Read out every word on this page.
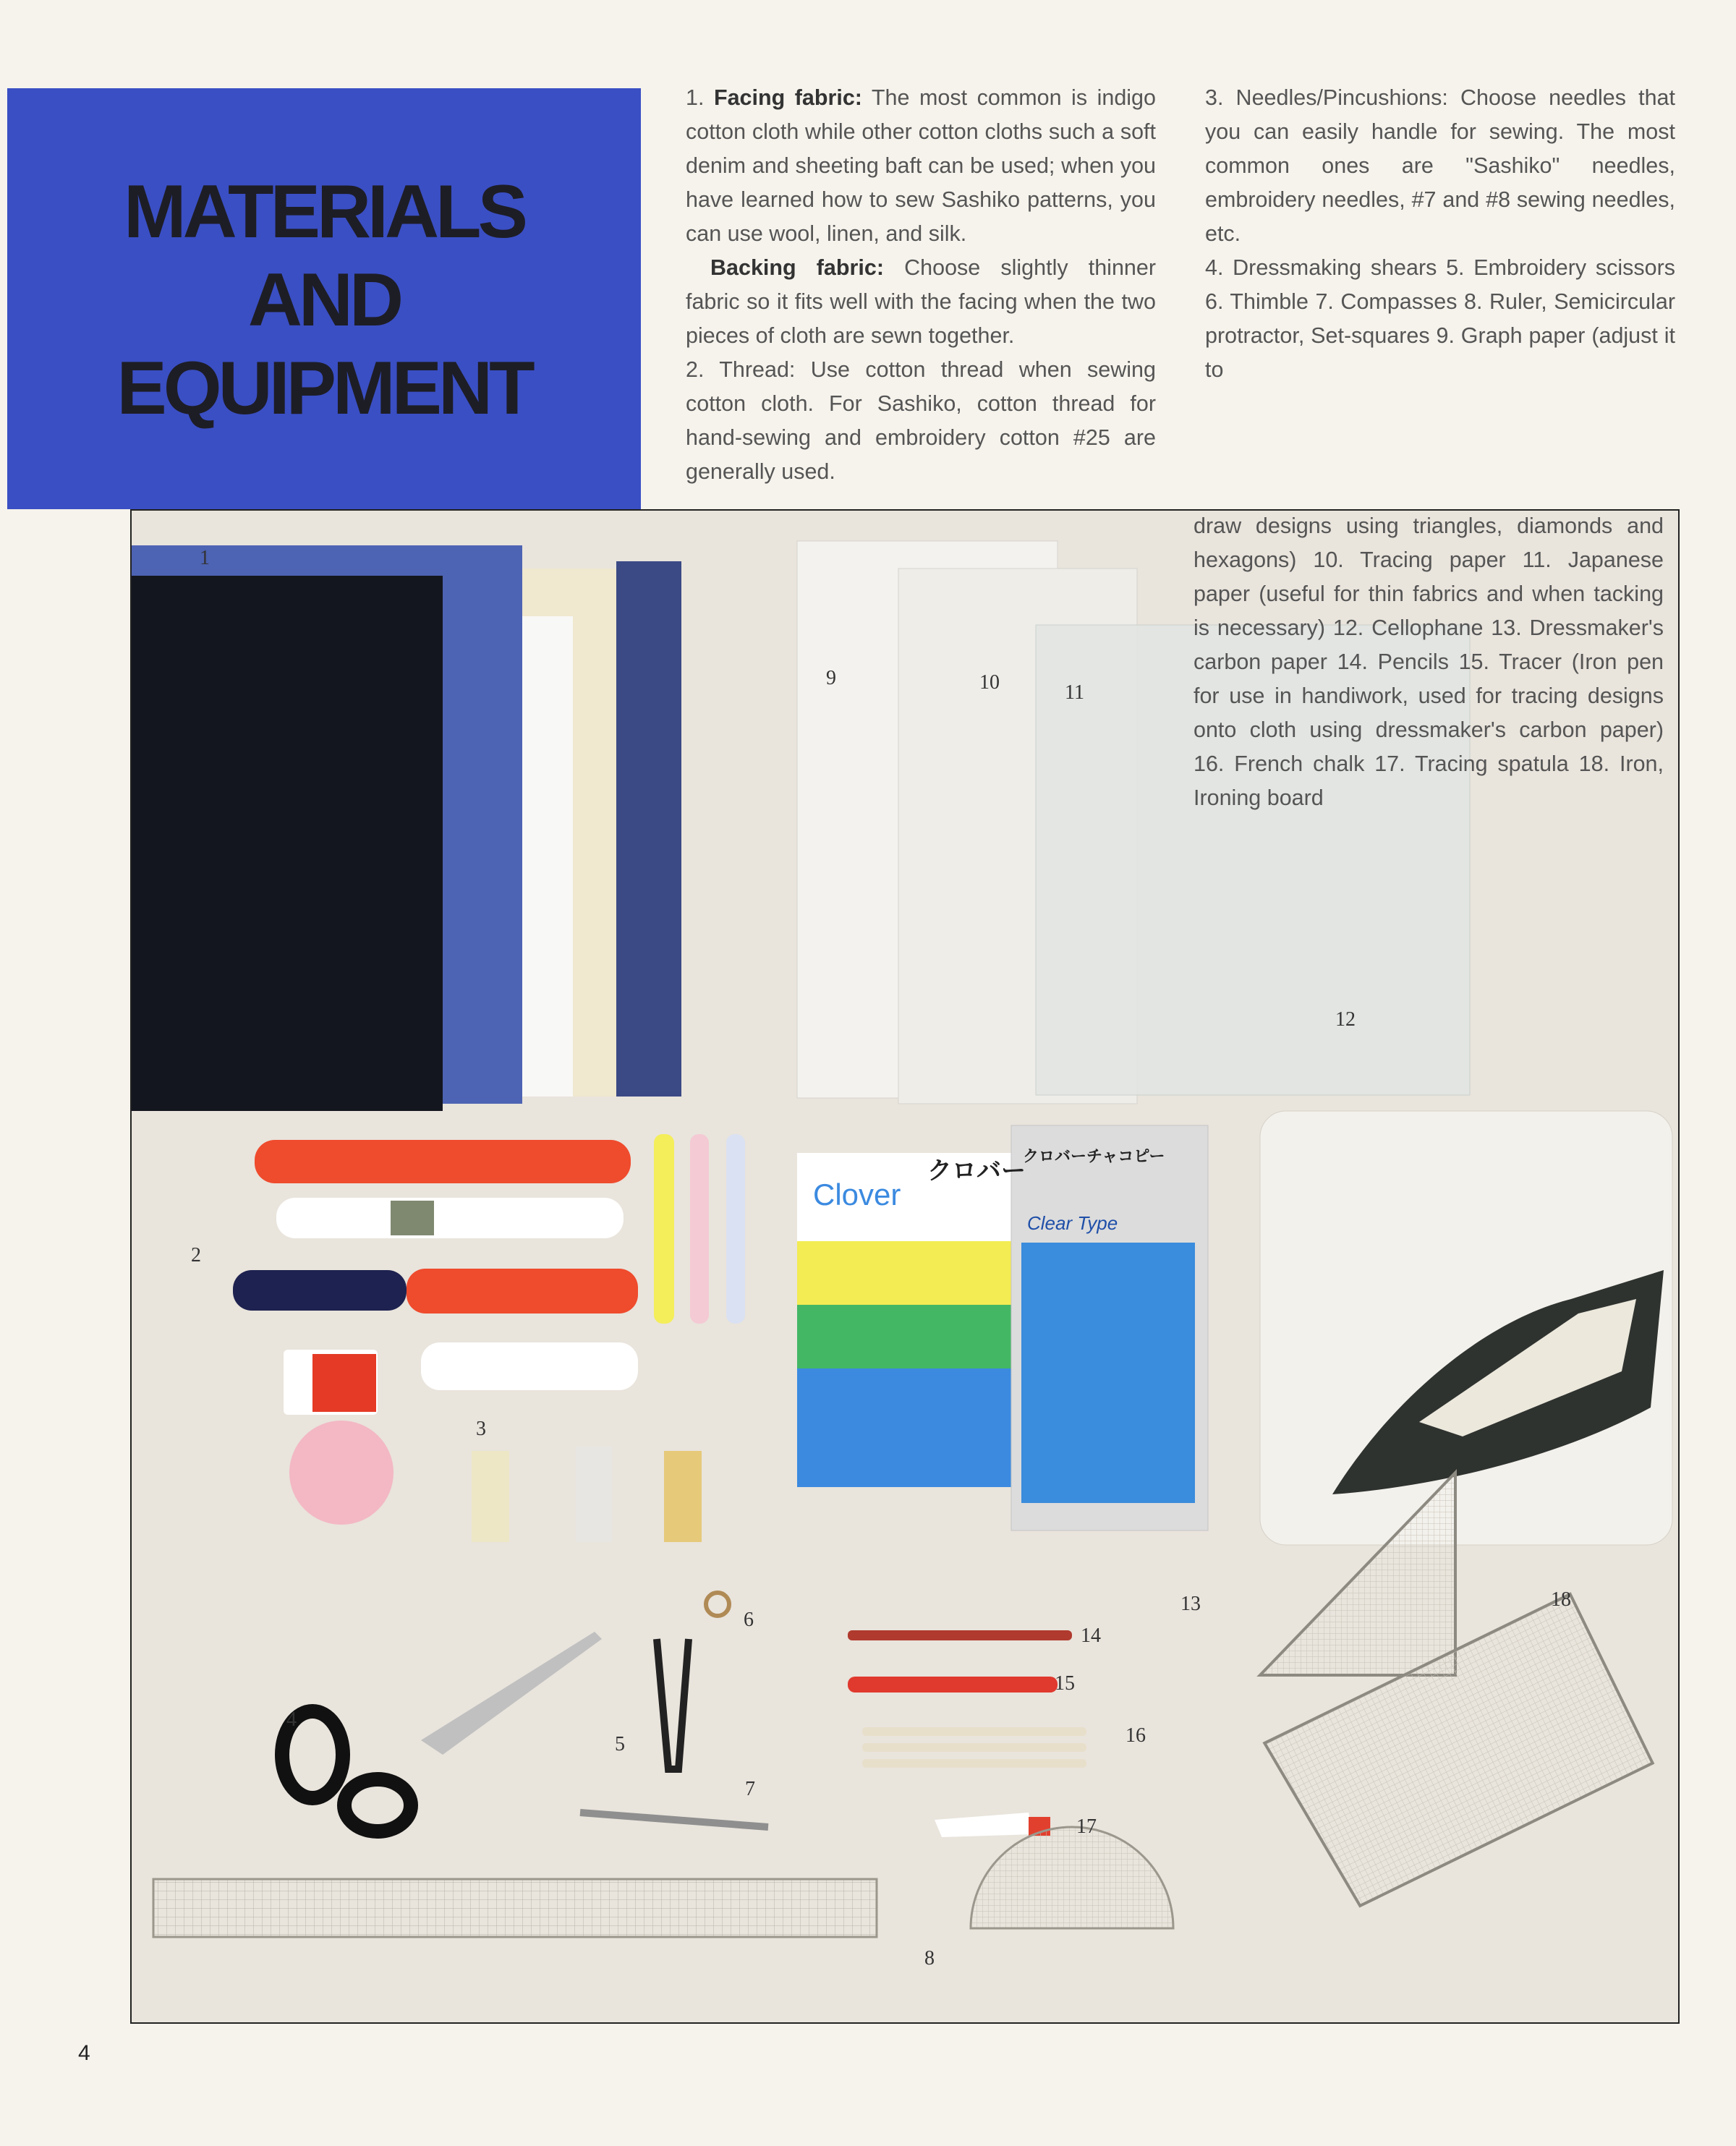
MATERIALS
AND
EQUIPMENT

1. Facing fabric: The most common is indigo cotton cloth while other cotton cloths such a soft denim and sheeting baft can be used; when you have learned how to sew Sashiko patterns, you can use wool, linen, and silk.

Backing fabric: Choose slightly thinner fabric so it fits well with the facing when the two pieces of cloth are sewn together.

2. Thread: Use cotton thread when sewing cotton cloth. For Sashiko, cotton thread for hand-sewing and embroidery cotton #25 are generally used.

3. Needles/Pincushions: Choose needles that you can easily handle for sewing. The most common ones are "Sashiko" needles, embroidery needles, #7 and #8 sewing needles, etc.

4. Dressmaking shears 5. Embroidery scissors 6. Thimble 7. Compasses 8. Ruler, Semicircular protractor, Set-squares 9. Graph paper (adjust it to

Clover
クロバー
クロバーチャコピー
Clear Type
1
2
3
4
5
6
7
8
9	10	11
12
13
14
15
16
17
18

draw designs using triangles, diamonds and hexagons) 10. Tracing paper 11. Japanese paper (useful for thin fabrics and when tacking is necessary) 12. Cellophane 13. Dressmaker's carbon paper 14. Pencils 15. Tracer (Iron pen for use in handiwork, used for tracing designs onto cloth using dressmaker's carbon paper) 16. French chalk 17. Tracing spatula 18. Iron, Ironing board

4
